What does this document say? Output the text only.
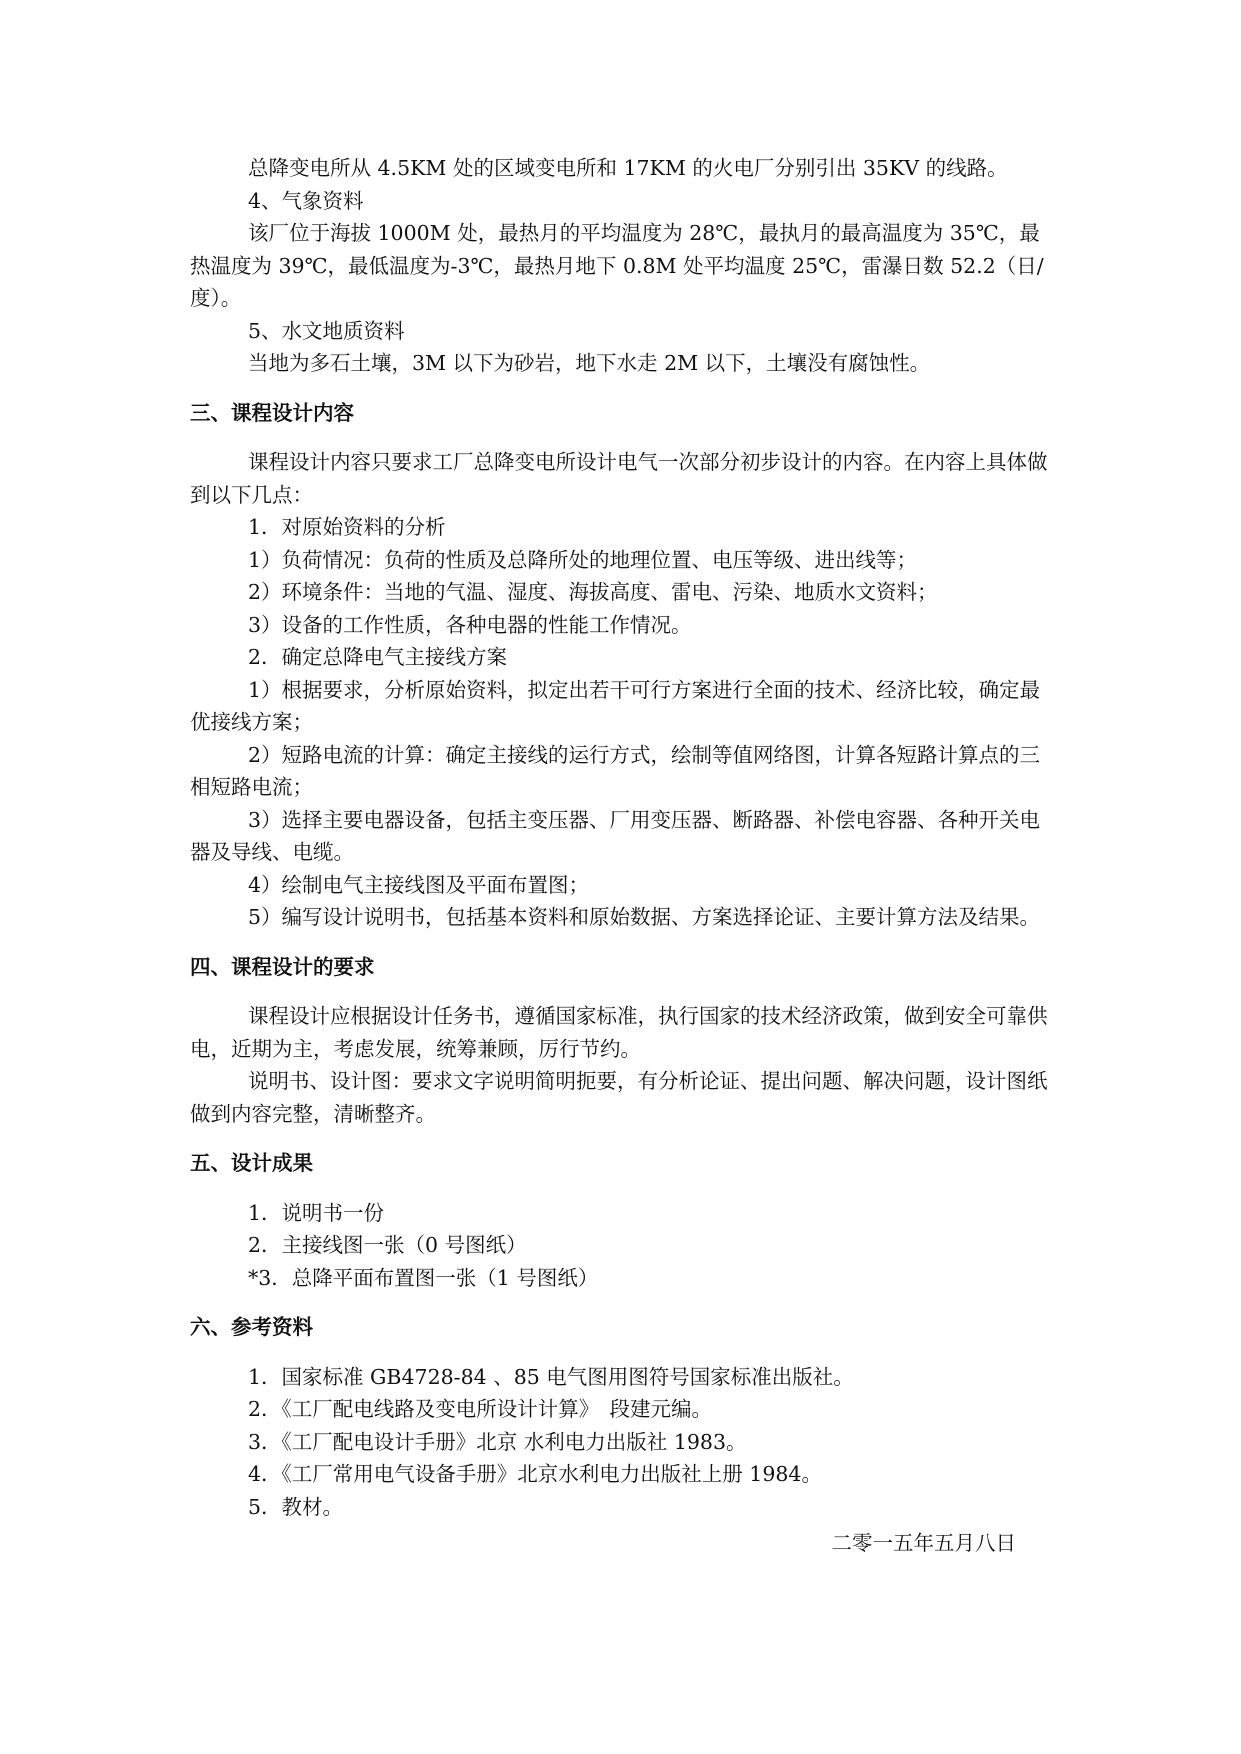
总降变电所从 4.5KM 处的区域变电所和 17KM 的火电厂分别引出 35KV 的线路。

4、气象资料

该厂位于海拔 1000M 处，最热月的平均温度为 28℃，最执月的最高温度为 35℃，最热温度为 39℃，最低温度为-3℃，最热月地下 0.8M 处平均温度 25℃，雷瀑日数 52.2（日/度）。

5、水文地质资料

当地为多石土壤，3M 以下为砂岩，地下水走 2M 以下，土壤没有腐蚀性。

三、课程设计内容

课程设计内容只要求工厂总降变电所设计电气一次部分初步设计的内容。在内容上具体做到以下几点：

1．对原始资料的分析

1）负荷情况：负荷的性质及总降所处的地理位置、电压等级、进出线等；

2）环境条件：当地的气温、湿度、海拔高度、雷电、污染、地质水文资料；

3）设备的工作性质，各种电器的性能工作情况。

2．确定总降电气主接线方案

1）根据要求，分析原始资料，拟定出若干可行方案进行全面的技术、经济比较，确定最优接线方案；

2）短路电流的计算：确定主接线的运行方式，绘制等值网络图，计算各短路计算点的三相短路电流；

3）选择主要电器设备，包括主变压器、厂用变压器、断路器、补偿电容器、各种开关电器及导线、电缆。

4）绘制电气主接线图及平面布置图；

5）编写设计说明书，包括基本资料和原始数据、方案选择论证、主要计算方法及结果。

四、课程设计的要求

课程设计应根据设计任务书，遵循国家标准，执行国家的技术经济政策，做到安全可靠供电，近期为主，考虑发展，统筹兼顾，厉行节约。

说明书、设计图：要求文字说明简明扼要，有分析论证、提出问题、解决问题，设计图纸做到内容完整，清晰整齐。

五、设计成果

1．说明书一份

2．主接线图一张（0 号图纸）

*3．总降平面布置图一张（1 号图纸）

六、参考资料

1．国家标准 GB4728-84 、85 电气图用图符号国家标准出版社。

2．《工厂配电线路及变电所设计计算》　段建元编。

3．《工厂配电设计手册》北京 水利电力出版社 1983。

4．《工厂常用电气设备手册》北京水利电力出版社上册 1984。

5．教材。

二零一五年五月八日
